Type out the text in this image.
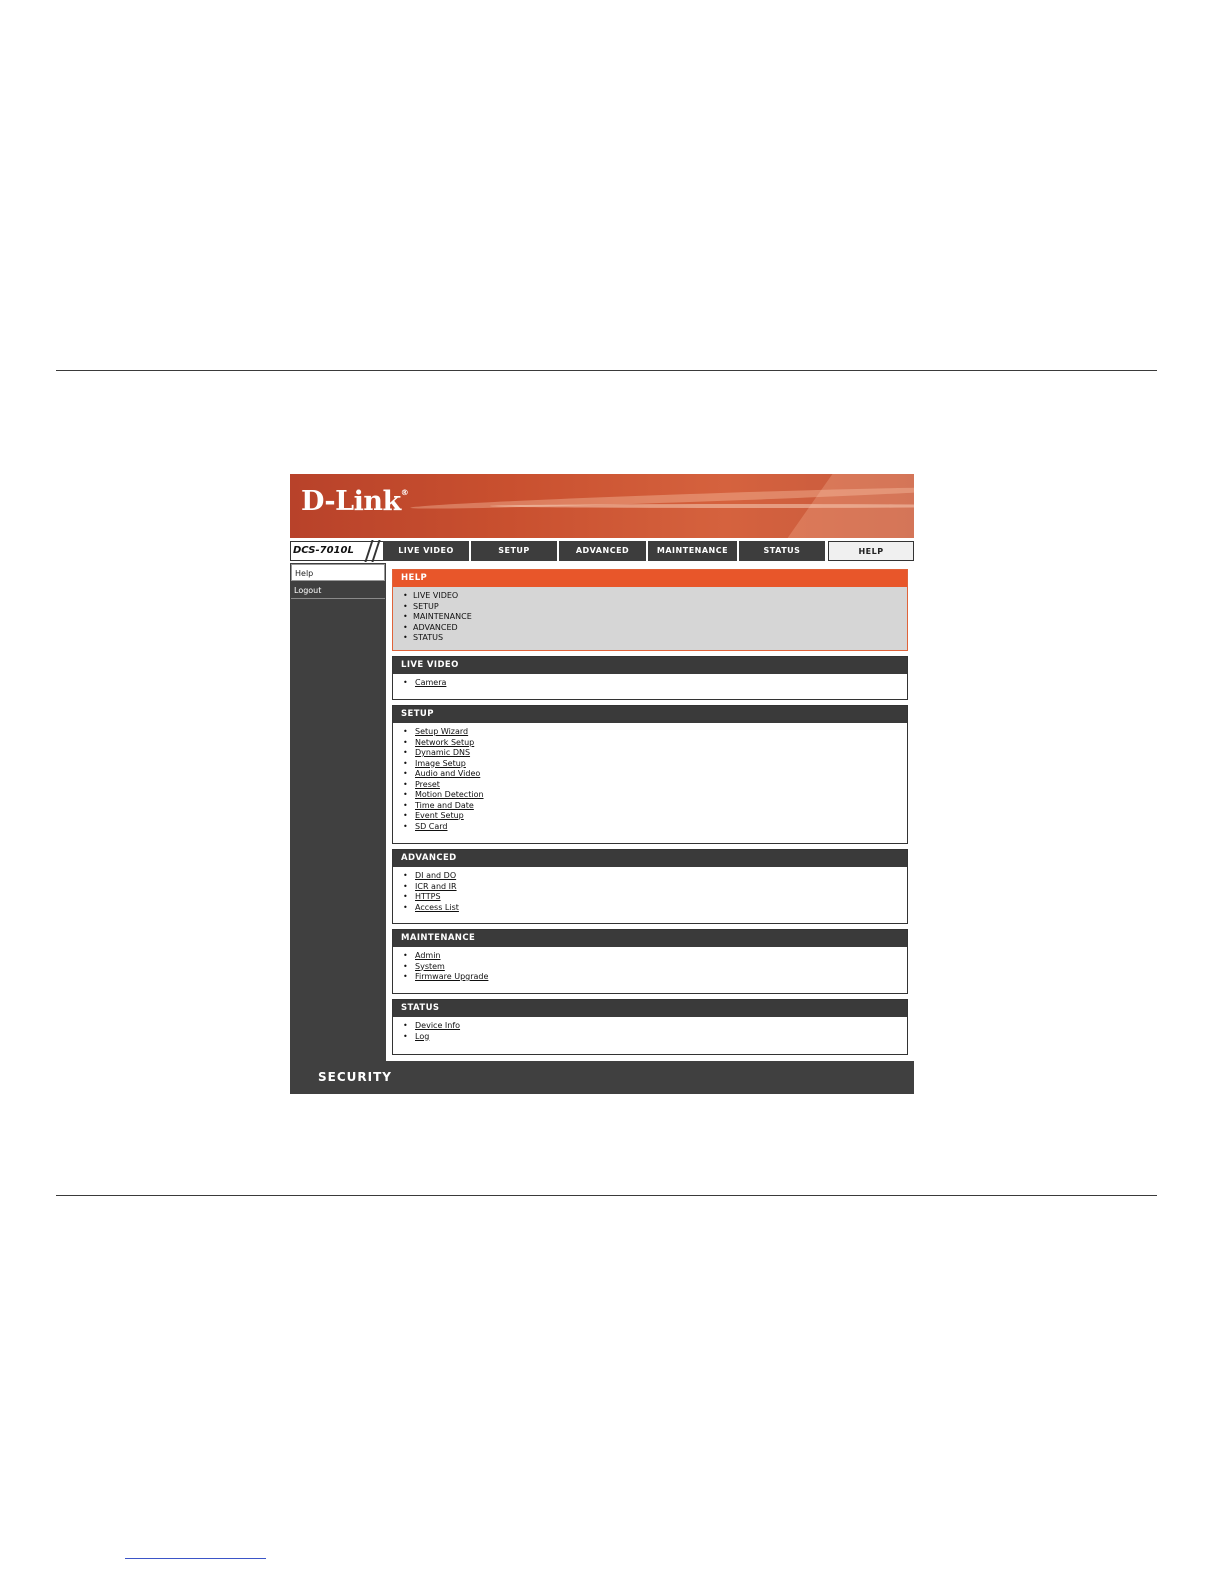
D-Link®
DCS-7010L	LIVE VIDEO	SETUP	ADVANCED	MAINTENANCE	STATUS	HELP
Help
Logout
HELP
• LIVE VIDEO
• SETUP
• MAINTENANCE
• ADVANCED
• STATUS
LIVE VIDEO
• Camera
SETUP
• Setup Wizard
• Network Setup
• Dynamic DNS
• Image Setup
• Audio and Video
• Preset
• Motion Detection
• Time and Date
• Event Setup
• SD Card
ADVANCED
• DI and DO
• ICR and IR
• HTTPS
• Access List
MAINTENANCE
• Admin
• System
• Firmware Upgrade
STATUS
• Device Info
• Log
SECURITY
